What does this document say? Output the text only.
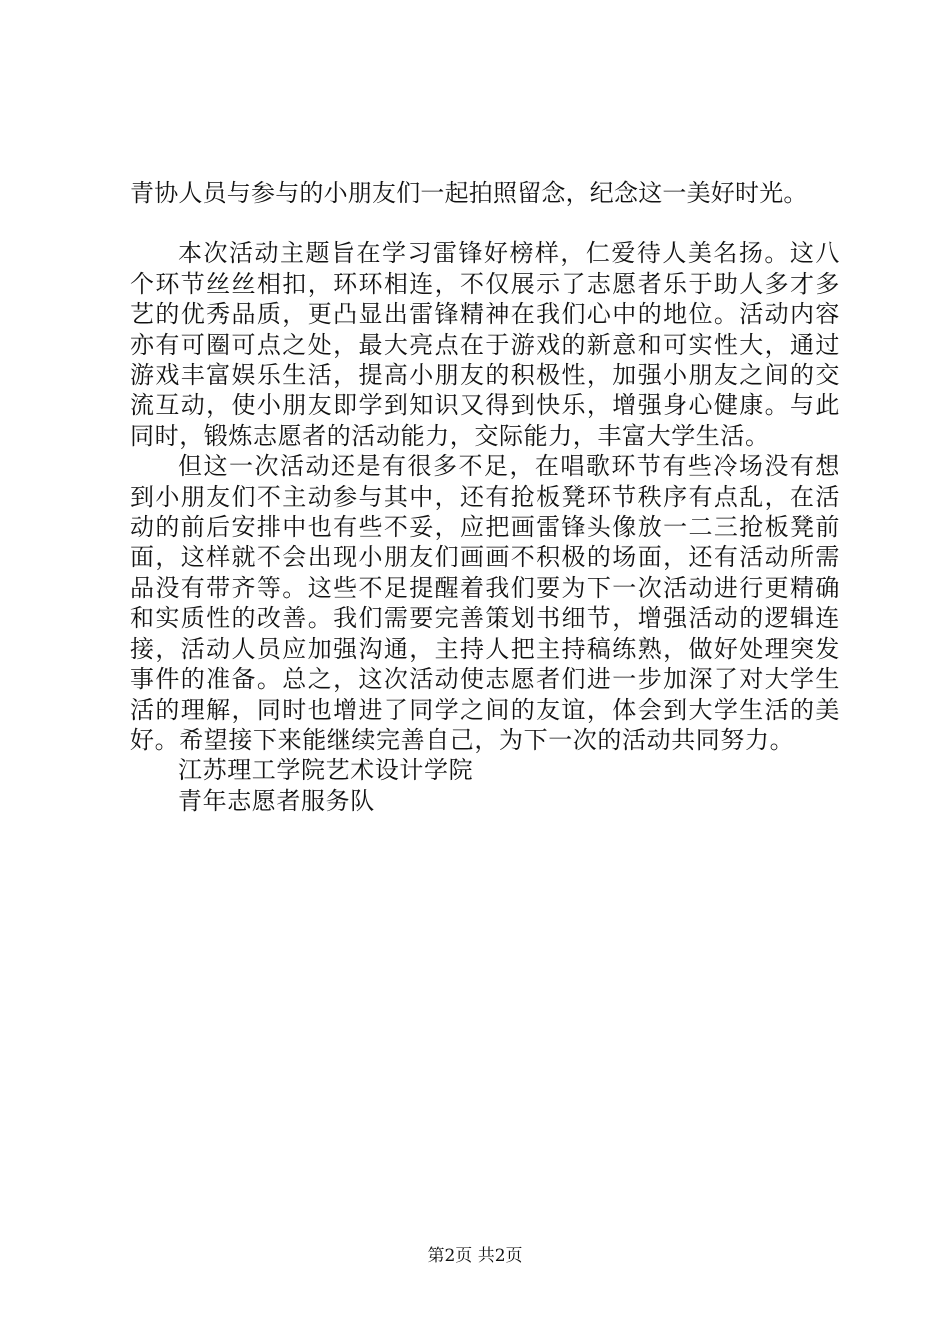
青协人员与参与的小朋友们一起拍照留念，纪念这一美好时光。

本次活动主题旨在学习雷锋好榜样，仁爱待人美名扬。这八个环节丝丝相扣，环环相连，不仅展示了志愿者乐于助人多才多艺的优秀品质，更凸显出雷锋精神在我们心中的地位。活动内容亦有可圈可点之处，最大亮点在于游戏的新意和可实性大，通过游戏丰富娱乐生活，提高小朋友的积极性，加强小朋友之间的交流互动，使小朋友即学到知识又得到快乐，增强身心健康。与此同时，锻炼志愿者的活动能力，交际能力，丰富大学生活。

但这一次活动还是有很多不足，在唱歌环节有些冷场没有想到小朋友们不主动参与其中，还有抢板凳环节秩序有点乱，在活动的前后安排中也有些不妥，应把画雷锋头像放一二三抢板凳前面，这样就不会出现小朋友们画画不积极的场面，还有活动所需品没有带齐等。这些不足提醒着我们要为下一次活动进行更精确和实质性的改善。我们需要完善策划书细节，增强活动的逻辑连接，活动人员应加强沟通，主持人把主持稿练熟，做好处理突发事件的准备。总之，这次活动使志愿者们进一步加深了对大学生活的理解，同时也增进了同学之间的友谊，体会到大学生活的美好。希望接下来能继续完善自己，为下一次的活动共同努力。

江苏理工学院艺术设计学院

青年志愿者服务队

第2页 共2页
